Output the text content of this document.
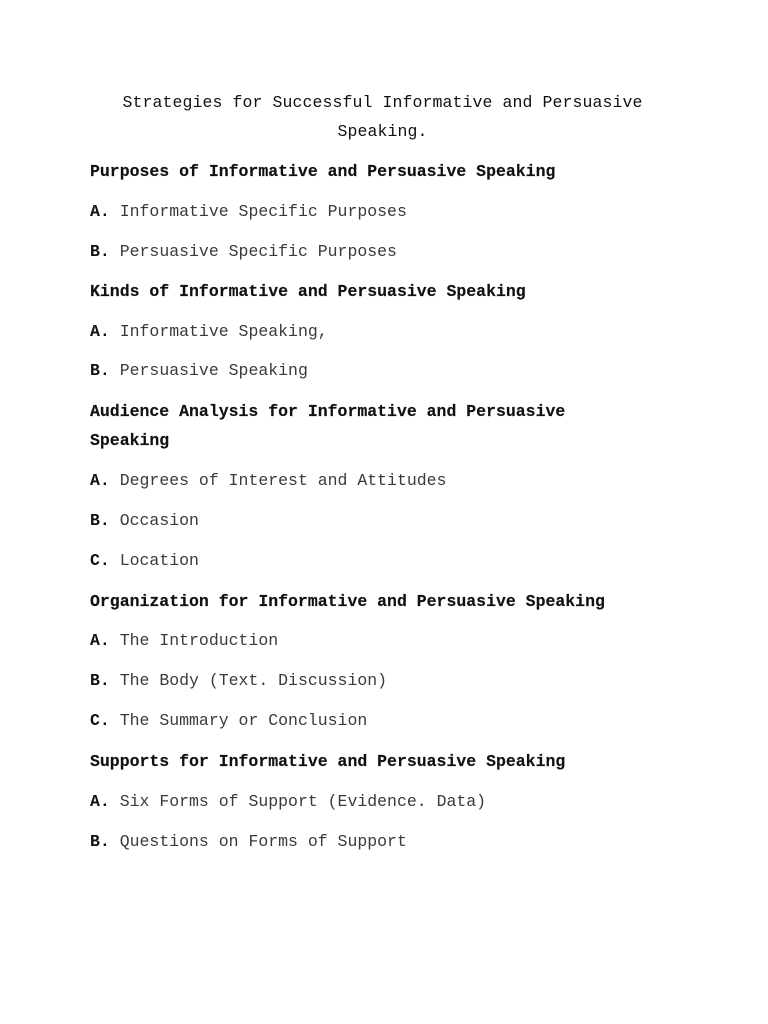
Strategies for Successful Informative and Persuasive Speaking.
Purposes of Informative and Persuasive Speaking
A. Informative Specific Purposes
B. Persuasive Specific Purposes
Kinds of Informative and Persuasive Speaking
A. Informative Speaking,
B. Persuasive Speaking
Audience Analysis for Informative and Persuasive Speaking
A. Degrees of Interest and Attitudes
B. Occasion
C. Location
Organization for Informative and Persuasive Speaking
A. The Introduction
B. The Body (Text. Discussion)
C. The Summary or Conclusion
Supports for Informative and Persuasive Speaking
A. Six Forms of Support (Evidence. Data)
B. Questions on Forms of Support
